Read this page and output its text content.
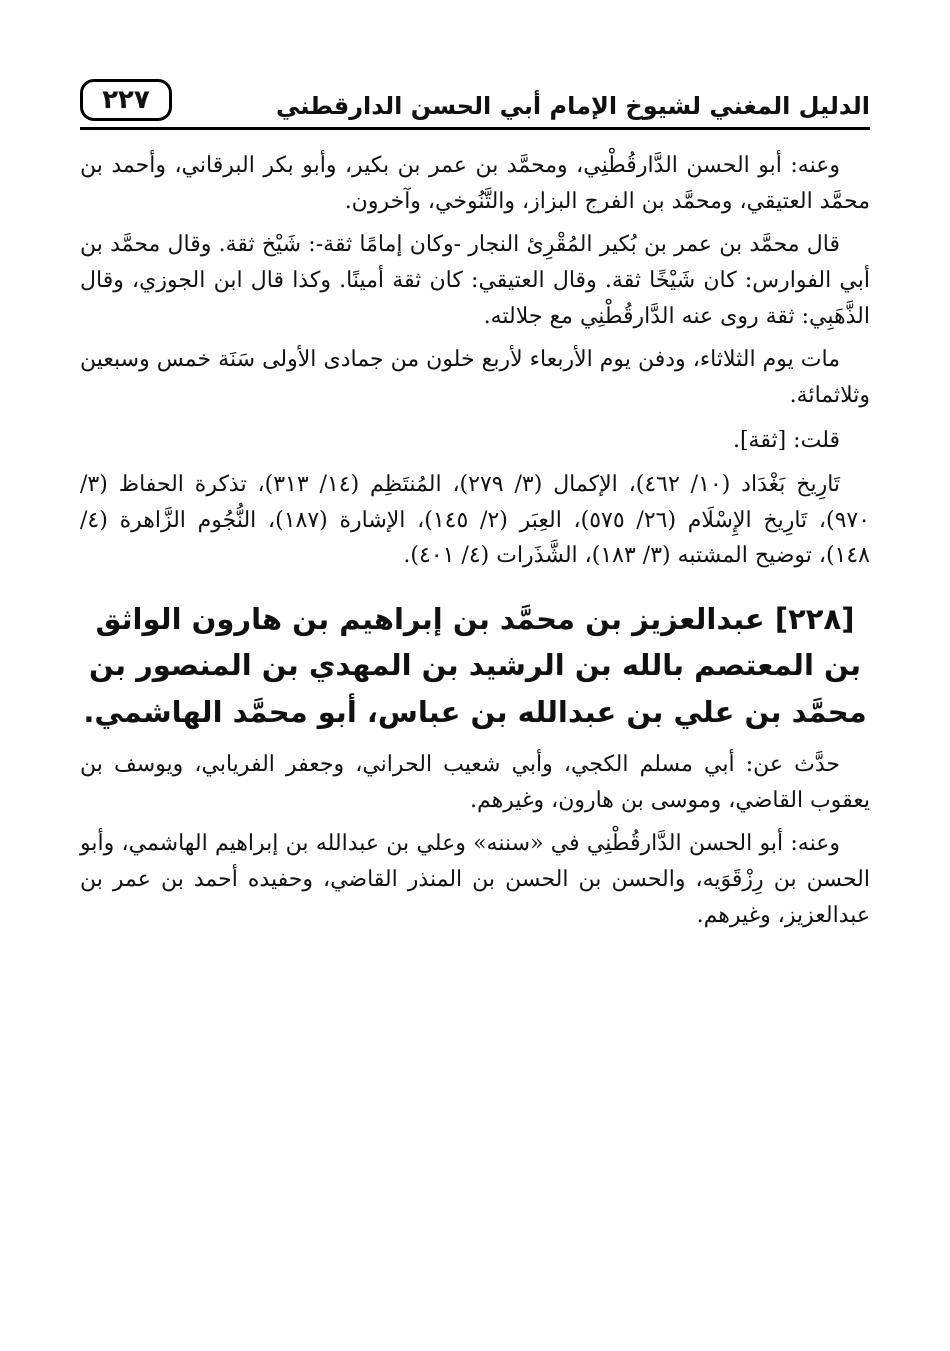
الدليل المغني لشيوخ الإمام أبي الحسن الدارقطني
٢٢٧

وعنه: أبو الحسن الدَّارقُطْنِي، ومحمَّد بن عمر بن بكير، وأبو بكر البرقاني، وأحمد بن محمَّد العتيقي، ومحمَّد بن الفرج البزاز، والتَّنُوخي، وآخرون.

قال محمَّد بن عمر بن بُكير المُقْرِئ النجار -وكان إمامًا ثقة-: شَيْخ ثقة. وقال محمَّد بن أبي الفوارس: كان شَيْخًا ثقة. وقال العتيقي: كان ثقة أمينًا. وكذا قال ابن الجوزي، وقال الذَّهَبِي: ثقة روى عنه الدَّارقُطْنِي مع جلالته.

مات يوم الثلاثاء، ودفن يوم الأربعاء لأربع خلون من جمادى الأولى سَنَة خمس وسبعين وثلاثمائة.

قلت: [ثقة].

تَارِيخ بَغْدَاد (١٠/ ٤٦٢)، الإكمال (٣/ ٢٧٩)، المُنتَظِم (١٤/ ٣١٣)، تذكرة الحفاظ (٣/ ٩٧٠)، تَارِيخ الإِسْلَام (٢٦/ ٥٧٥)، العِبَر (٢/ ١٤٥)، الإشارة (١٨٧)، النُّجُوم الزَّاهرة (٤/ ١٤٨)، توضيح المشتبه (٣/ ١٨٣)، الشَّذَرات (٤/ ٤٠١).

[٢٢٨] عبدالعزيز بن محمَّد بن إبراهيم بن هارون الواثق بن المعتصم بالله بن الرشيد بن المهدي بن المنصور بن محمَّد بن علي بن عبدالله بن عباس، أبو محمَّد الهاشمي.

حدَّث عن: أبي مسلم الكجي، وأبي شعيب الحراني، وجعفر الفريابي، ويوسف بن يعقوب القاضي، وموسى بن هارون، وغيرهم.

وعنه: أبو الحسن الدَّارقُطْنِي في «سننه» وعلي بن عبدالله بن إبراهيم الهاشمي، وأبو الحسن بن رِزْقَوَيه، والحسن بن الحسن بن المنذر القاضي، وحفيده أحمد بن عمر بن عبدالعزيز، وغيرهم.
